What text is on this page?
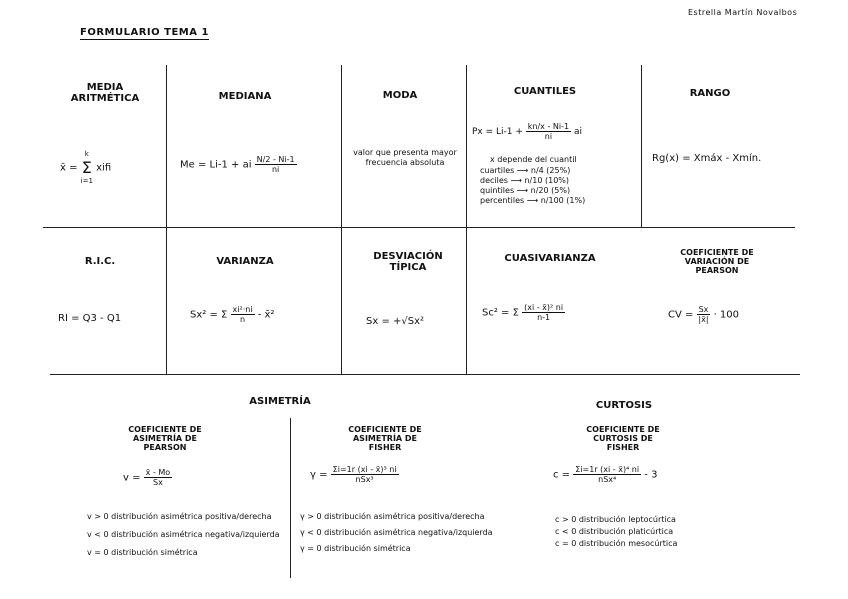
FORMULARIO TEMA 1
Estrella Martín Novalbos
MEDIA ARITMÉTICA
x̄ =
k
Σ
i=1
xifi
MEDIANA
Me = Li-1 + ai $\frac{N/2 - Ni-1}{ni}$
MODA
valor que presenta mayor frecuencia absoluta
CUANTILES
$Px = Li-1 + \frac{kn/x - Ni-1}{ni}$ ai
x depende del cuantil
cuartiles ⟶ n/4 (25%)
deciles ⟶ n/10 (10%)
quintiles ⟶ n/20 (5%)
percentiles ⟶ n/100 (1%)
RANGO
Rg(x) = Xmáx - Xmín.
R.I.C.
RI = Q3 - Q1
VARIANZA
Sx² = Σ $\frac{\text{xi²·ni}}{n}$ - x̄²
DESVIACIÓN TÍPICA
Sx = +√Sx²
CUASIVARIANZA
Sc² = Σ $\frac{\text{(xi - x̄)² ni}}{n-1}$
COEFICIENTE DE VARIACIÓN DE PEARSON
CV = $\frac{Sx}{|x̄|} \cdot 100$
ASIMETRÍA
COEFICIENTE DE ASIMETRÍA DE PEARSON
$v = \frac{x̄ - Mo}{Sx}$
v > 0 distribución asimétrica positiva/derecha
v < 0 distribución asimétrica negativa/izquierda
v = 0 distribución simétrica
COEFICIENTE DE ASIMETRÍA DE FISHER
$\gamma = \frac{\text{Σi=1r (xi - x̄)³ ni}}{\text{nSx³}}$
γ > 0 distribución asimétrica positiva/derecha
γ < 0 distribución asimétrica negativa/izquierda
γ = 0 distribución simétrica
CURTOSIS
COEFICIENTE DE CURTOSIS DE FISHER
$c = \frac{\text{Σi=1r (xi - x̄)⁴ ni}}{\text{nSx⁴}} - 3$
c > 0 distribución leptocúrtica
c < 0 distribución platicúrtica
c = 0 distribución mesocúrtica
